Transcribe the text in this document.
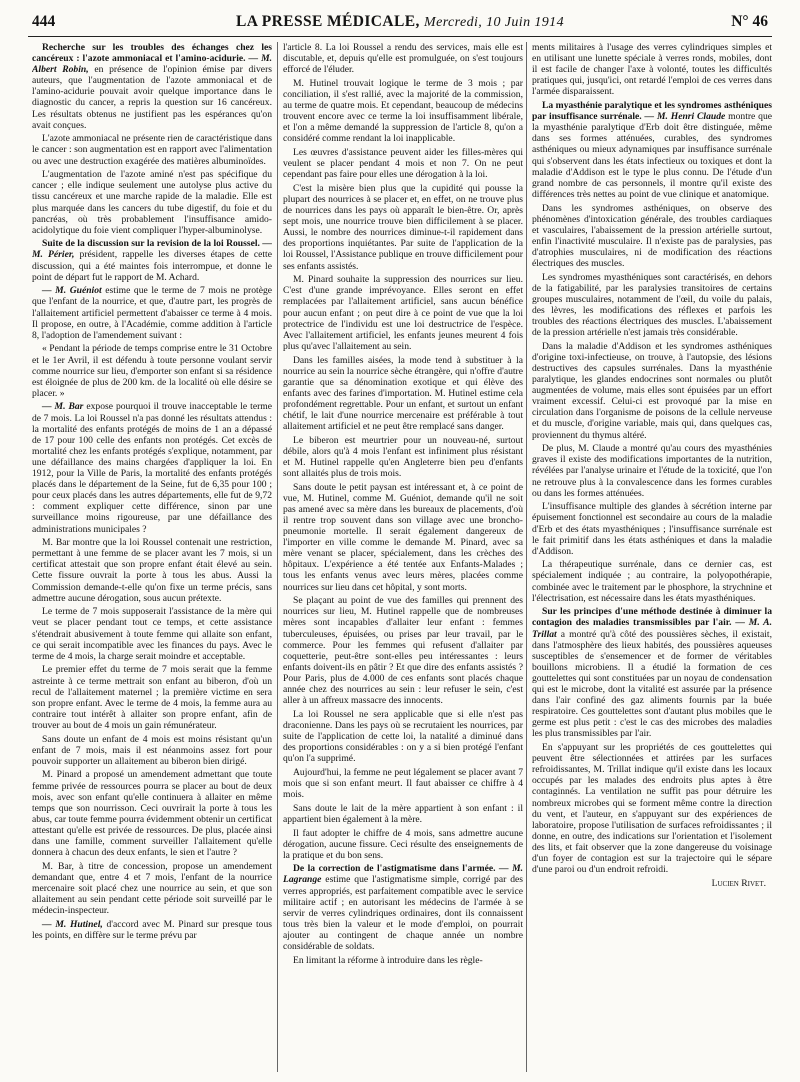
444	LA PRESSE MÉDICALE, Mercredi, 10 Juin 1914	N° 46

Recherche sur les troubles des échanges chez les cancéreux : l'azote ammoniacal et l'amino-acidurie. — M. Albert Robin, en présence de l'opinion émise par divers auteurs, que l'augmentation de l'azote ammoniacal et de l'amino-acidurie pouvait avoir quelque importance dans le diagnostic du cancer, a repris la question sur 16 cancéreux. Les résultats obtenus ne justifient pas les espérances qu'on avait conçues.

L'azote ammoniacal ne présente rien de caractéristique dans le cancer : son augmentation est en rapport avec l'alimentation ou avec une destruction exagérée des matières albuminoïdes.

L'augmentation de l'azote aminé n'est pas spécifique du cancer ; elle indique seulement une autolyse plus active du tissu cancéreux et une marche rapide de la maladie. Elle est plus marquée dans les cancers du tube digestif, du foie et du pancréas, où très probablement l'insuffisance amido-acidolytique du foie vient compliquer l'hyper-albuminolyse.

Suite de la discussion sur la revision de la loi Roussel. — M. Périer, président, rappelle les diverses étapes de cette discussion, qui a été maintes fois interrompue, et donne le point de départ fut le rapport de M. Achard.

— M. Guéniot estime que le terme de 7 mois ne protège que l'enfant de la nourrice, et que, d'autre part, les progrès de l'allaitement artificiel permettent d'abaisser ce terme à 4 mois. Il propose, en outre, à l'Académie, comme addition à l'article 8, l'adoption de l'amendement suivant :

« Pendant la période de temps comprise entre le 31 Octobre et le 1er Avril, il est défendu à toute personne voulant servir comme nourrice sur lieu, d'emporter son enfant si sa résidence est éloignée de plus de 200 km. de la localité où elle désire se placer. »

— M. Bar expose pourquoi il trouve inacceptable le terme de 7 mois. La loi Roussel n'a pas donné les résultats attendus : la mortalité des enfants protégés de moins de 1 an a dépassé de 17 pour 100 celle des enfants non protégés. Cet excès de mortalité chez les enfants protégés s'explique, notamment, par une défaillance des mains chargées d'appliquer la loi. En 1912, pour la Ville de Paris, la mortalité des enfants protégés placés dans le département de la Seine, fut de 6,35 pour 100 ; pour ceux placés dans les autres départements, elle fut de 9,72 : comment expliquer cette différence, sinon par une surveillance moins rigoureuse, par une défaillance des administrations municipales ?

M. Bar montre que la loi Roussel contenait une restriction, permettant à une femme de se placer avant les 7 mois, si un certificat attestait que son propre enfant était élevé au sein. Cette fissure ouvrait la porte à tous les abus. Aussi la Commission demande-t-elle qu'on fixe un terme précis, sans admettre aucune dérogation, sous aucun prétexte.

Le terme de 7 mois supposerait l'assistance de la mère qui veut se placer pendant tout ce temps, et cette assistance s'étendrait abusivement à toute femme qui allaite son enfant, ce qui serait incompatible avec les finances du pays. Avec le terme de 4 mois, la charge serait moindre et acceptable.

Le premier effet du terme de 7 mois serait que la femme astreinte à ce terme mettrait son enfant au biberon, d'où un recul de l'allaitement maternel ; la première victime en sera son propre enfant. Avec le terme de 4 mois, la femme aura au contraire tout intérêt à allaiter son propre enfant, afin de trouver au bout de 4 mois un gain rémunérateur.

Sans doute un enfant de 4 mois est moins résistant qu'un enfant de 7 mois, mais il est néanmoins assez fort pour pouvoir supporter un allaitement au biberon bien dirigé.

M. Pinard a proposé un amendement admettant que toute femme privée de ressources pourra se placer au bout de deux mois, avec son enfant qu'elle continuera à allaiter en même temps que son nourrisson. Ceci ouvrirait la porte à tous les abus, car toute femme pourra évidemment obtenir un certificat attestant qu'elle est privée de ressources. De plus, placée ainsi dans une famille, comment surveiller l'allaitement qu'elle donnera à chacun des deux enfants, le sien et l'autre ?

M. Bar, à titre de concession, propose un amendement demandant que, entre 4 et 7 mois, l'enfant de la nourrice mercenaire soit placé chez une nourrice au sein, et que son allaitement au sein pendant cette période soit surveillé par le médecin-inspecteur.

— M. Hutinel, d'accord avec M. Pinard sur presque tous les points, en diffère sur le terme prévu par

l'article 8. La loi Roussel a rendu des services, mais elle est discutable, et, depuis qu'elle est promulguée, on s'est toujours efforcé de l'éluder.

M. Hutinel trouvait logique le terme de 3 mois ; par conciliation, il s'est rallié, avec la majorité de la commission, au terme de quatre mois. Et cependant, beaucoup de médecins trouvent encore avec ce terme la loi insuffisamment libérale, et l'on a même demandé la suppression de l'article 8, qu'on a considéré comme rendant la loi inapplicable.

Les œuvres d'assistance peuvent aider les filles-mères qui veulent se placer pendant 4 mois et non 7. On ne peut cependant pas faire pour elles une dérogation à la loi.

C'est la misère bien plus que la cupidité qui pousse la plupart des nourrices à se placer et, en effet, on ne trouve plus de nourrices dans les pays où apparaît le bien-être. Or, après sept mois, une nourrice trouve bien difficilement à se placer. Aussi, le nombre des nourrices diminue-t-il rapidement dans des proportions inquiétantes. Par suite de l'application de la loi Roussel, l'Assistance publique en trouve difficilement pour ses enfants assistés.

M. Pinard souhaite la suppression des nourrices sur lieu. C'est d'une grande imprévoyance. Elles seront en effet remplacées par l'allaitement artificiel, sans aucun bénéfice pour aucun enfant ; on peut dire à ce point de vue que la loi protectrice de l'individu est une loi destructrice de l'espèce. Avec l'allaitement artificiel, les enfants jeunes meurent 4 fois plus qu'avec l'allaitement au sein.

Dans les familles aisées, la mode tend à substituer à la nourrice au sein la nourrice sèche étrangère, qui n'offre d'autre garantie que sa dénomination exotique et qui élève des enfants avec des farines d'importation. M. Hutinel estime cela profondément regrettable. Pour un enfant, et surtout un enfant chétif, le lait d'une nourrice mercenaire est préférable à tout allaitement artificiel et ne peut être remplacé sans danger.

Le biberon est meurtrier pour un nouveau-né, surtout débile, alors qu'à 4 mois l'enfant est infiniment plus résistant et M. Hutinel rappelle qu'en Angleterre bien peu d'enfants sont allaités plus de trois mois.

Sans doute le petit paysan est intéressant et, à ce point de vue, M. Hutinel, comme M. Guéniot, demande qu'il ne soit pas amené avec sa mère dans les bureaux de placements, d'où il rentre trop souvent dans son village avec une broncho-pneumonie mortelle. Il serait également dangereux de l'importer en ville comme le demande M. Pinard, avec sa mère venant se placer, spécialement, dans les crèches des hôpitaux. L'expérience a été tentée aux Enfants-Malades ; tous les enfants venus avec leurs mères, placées comme nourrices sur lieu dans cet hôpital, y sont morts.

Se plaçant au point de vue des familles qui prennent des nourrices sur lieu, M. Hutinel rappelle que de nombreuses mères sont incapables d'allaiter leur enfant : femmes tuberculeuses, épuisées, ou prises par leur travail, par le commerce. Pour les femmes qui refusent d'allaiter par coquetterie, peut-être sont-elles peu intéressantes : leurs enfants doivent-ils en pâtir ? Et que dire des enfants assistés ? Pour Paris, plus de 4.000 de ces enfants sont placés chaque année chez des nourrices au sein : leur refuser le sein, c'est aller à un affreux massacre des innocents.

La loi Roussel ne sera applicable que si elle n'est pas draconienne. Dans les pays où se recrutaient les nourrices, par suite de l'application de cette loi, la natalité a diminué dans des proportions considérables : on y a si bien protégé l'enfant qu'on l'a supprimé.

Aujourd'hui, la femme ne peut légalement se placer avant 7 mois que si son enfant meurt. Il faut abaisser ce chiffre à 4 mois.

Sans doute le lait de la mère appartient à son enfant : il appartient bien également à la mère.

Il faut adopter le chiffre de 4 mois, sans admettre aucune dérogation, aucune fissure. Ceci résulte des enseignements de la pratique et du bon sens.

De la correction de l'astigmatisme dans l'armée. — M. Lagrange estime que l'astigmatisme simple, corrigé par des verres appropriés, est parfaitement compatible avec le service militaire actif ; en autorisant les médecins de l'armée à se servir de verres cylindriques ordinaires, dont ils connaissent tous très bien la valeur et le mode d'emploi, on pourrait ajouter au contingent de chaque année un nombre considérable de soldats.

En limitant la réforme à introduire dans les règle-

ments militaires à l'usage des verres cylindriques simples et en utilisant une lunette spéciale à verres ronds, mobiles, dont il est facile de changer l'axe à volonté, toutes les difficultés pratiques qui, jusqu'ici, ont retardé l'emploi de ces verres dans l'armée disparaissent.

La myasthénie paralytique et les syndromes asthéniques par insuffisance surrénale. — M. Henri Claude montre que la myasthénie paralytique d'Erb doit être distinguée, même dans ses formes atténuées, curables, des syndromes asthéniques ou mieux adynamiques par insuffisance surrénale qui s'observent dans les états infectieux ou toxiques et dont la maladie d'Addison est le type le plus connu. De l'étude d'un grand nombre de cas personnels, il montre qu'il existe des différences très nettes au point de vue clinique et anatomique.

Dans les syndromes asthéniques, on observe des phénomènes d'intoxication générale, des troubles cardiaques et vasculaires, l'abaissement de la pression artérielle surtout, enfin l'inactivité musculaire. Il n'existe pas de paralysies, pas d'atrophies musculaires, ni de modification des réactions électriques des muscles.

Les syndromes myasthéniques sont caractérisés, en dehors de la fatigabilité, par les paralysies transitoires de certains groupes musculaires, notamment de l'œil, du voile du palais, des lèvres, les modifications des réflexes et parfois les troubles des réactions électriques des muscles. L'abaissement de la pression artérielle n'est jamais très considérable.

Dans la maladie d'Addison et les syndromes asthéniques d'origine toxi-infectieuse, on trouve, à l'autopsie, des lésions destructives des capsules surrénales. Dans la myasthénie paralytique, les glandes endocrines sont normales ou plutôt augmentées de volume, mais elles sont épuisées par un effort vraiment excessif. Celui-ci est provoqué par la mise en circulation dans l'organisme de poisons de la cellule nerveuse et du muscle, d'origine variable, mais qui, dans quelques cas, proviennent du thymus altéré.

De plus, M. Claude a montré qu'au cours des myasthénies graves il existe des modifications importantes de la nutrition, révélées par l'analyse urinaire et l'étude de la toxicité, que l'on ne retrouve plus à la convalescence dans les formes curables ou dans les formes atténuées.

L'insuffisance multiple des glandes à sécrétion interne par épuisement fonctionnel est secondaire au cours de la maladie d'Erb et des états myasthéniques ; l'insuffisance surrénale est le fait primitif dans les états asthéniques et dans la maladie d'Addison.

La thérapeutique surrénale, dans ce dernier cas, est spécialement indiquée ; au contraire, la polyopothérapie, combinée avec le traitement par le phosphore, la strychnine et l'électrisation, est nécessaire dans les états myasthéniques.

Sur les principes d'une méthode destinée à diminuer la contagion des maladies transmissibles par l'air. — M. A. Trillat a montré qu'à côté des poussières sèches, il existait, dans l'atmosphère des lieux habités, des poussières aqueuses susceptibles de s'ensemencer et de former de véritables bouillons microbiens. Il a étudié la formation de ces gouttelettes qui sont constituées par un noyau de condensation qui est le microbe, dont la vitalité est assurée par la présence dans l'air confiné des gaz aliments fournis par la buée respiratoire. Ces gouttelettes sont d'autant plus mobiles que le germe est plus petit : c'est le cas des microbes des maladies les plus transmissibles par l'air.

En s'appuyant sur les propriétés de ces gouttelettes qui peuvent être sélectionnées et attirées par les surfaces refroidissantes, M. Trillat indique qu'il existe dans les locaux occupés par les malades des endroits plus aptes à être contaginnés. La ventilation ne suffit pas pour détruire les nombreux microbes qui se forment même contre la direction du vent, et l'auteur, en s'appuyant sur des expériences de laboratoire, propose l'utilisation de surfaces refroidissantes ; il donne, en outre, des indications sur l'orientation et l'isolement des lits, et fait observer que la zone dangereuse du voisinage d'un foyer de contagion est sur la trajectoire qui le sépare d'une paroi ou d'un endroit refroidi.

Lucien Rivet.
